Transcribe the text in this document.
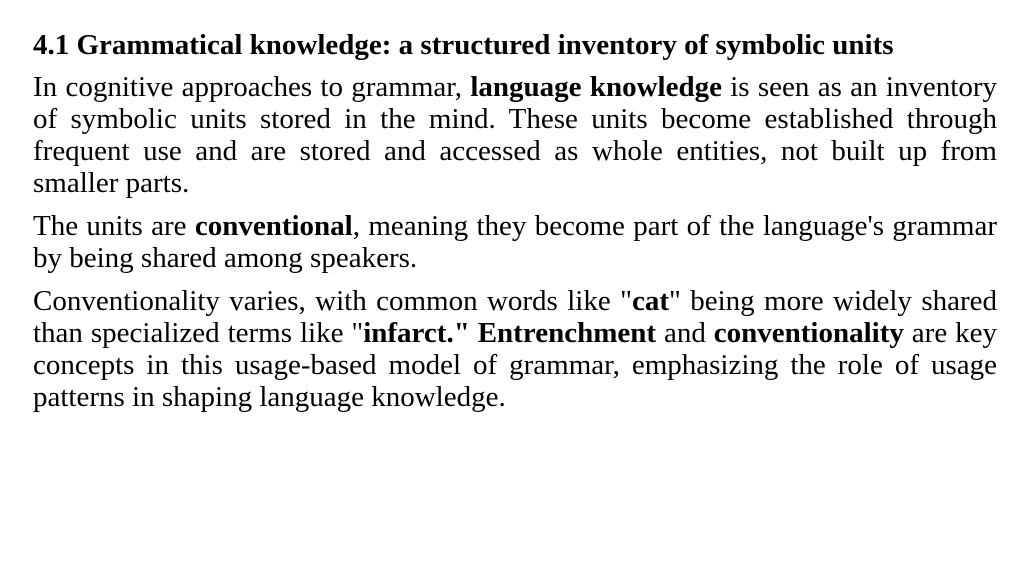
4.1 Grammatical knowledge: a structured inventory of symbolic units

In cognitive approaches to grammar, language knowledge is seen as an inventory of symbolic units stored in the mind. These units become established through frequent use and are stored and accessed as whole entities, not built up from smaller parts.

The units are conventional, meaning they become part of the language's grammar by being shared among speakers.

Conventionality varies, with common words like "cat" being more widely shared than specialized terms like "infarct." Entrenchment and conventionality are key concepts in this usage-based model of grammar, emphasizing the role of usage patterns in shaping language knowledge.
